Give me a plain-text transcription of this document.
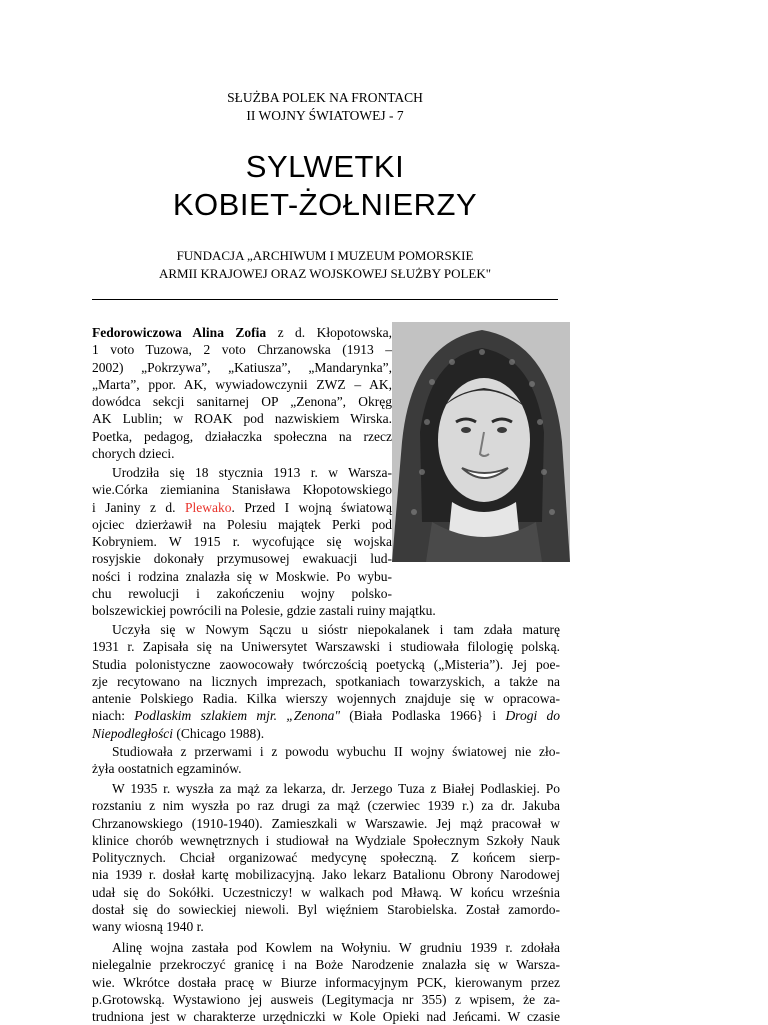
SŁUŻBA POLEK NA FRONTACH
II WOJNY ŚWIATOWEJ - 7
SYLWETKI
KOBIET-ŻOŁNIERZY
FUNDACJA „ARCHIWUM I MUZEUM POMORSKIE
ARMII KRAJOWEJ ORAZ WOJSKOWEJ SŁUŻBY POLEK"
Fedorowiczowa Alina Zofia z d. Kłopotowska,
1 voto Tuzowa, 2 voto Chrzanowska (1913 –
2002) „Pokrzywa”, „Katiusza”, „Mandarynka”,
„Marta”, ppor. AK, wywiadowczynii ZWZ – AK,
dowódca sekcji sanitarnej OP „Zenona”, Okręg
AK Lublin; w ROAK pod nazwiskiem Wirska.
Poetka, pedagog, działaczka społeczna na rzecz
chorych dzieci.
Urodziła się 18 stycznia 1913 r. w Warsza-
wie.Córka ziemianina Stanisława Kłopotowskiego
i Janiny z d. Plewako. Przed I wojną światową
ojciec dzierżawił na Polesiu majątek Perki pod
Kobryniem. W 1915 r. wycofujące się wojska
rosyjskie dokonały przymusowej ewakuacji lud-
ności i rodzina znalazła się w Moskwie. Po wybu-
chu rewolucji i zakończeniu wojny polsko-
bolszewickiej powrócili na Polesie, gdzie zastali ruiny majątku.
Uczyła się w Nowym Sączu u sióstr niepokalanek i tam zdała maturę
1931 r. Zapisała się na Uniwersytet Warszawski i studiowała filologię polską.
Studia polonistyczne zaowocowały twórczością poetycką („Misteria”). Jej poe-
zje recytowano na licznych imprezach, spotkaniach towarzyskich, a także na
antenie Polskiego Radia. Kilka wierszy wojennych znajduje się w opracowa-
niach: Podlaskim szlakiem mjr. „Zenona" (Biała Podlaska 1966} i Drogi do
Niepodległości (Chicago 1988).
Studiowała z przerwami i z powodu wybuchu II wojny światowej nie zło-
żyła oostatnich egzaminów.
W 1935 r. wyszła za mąż za lekarza, dr. Jerzego Tuza z Białej Podlaskiej. Po
rozstaniu z nim wyszła po raz drugi za mąż (czerwiec 1939 r.) za dr. Jakuba
Chrzanowskiego (1910-1940). Zamieszkali w Warszawie. Jej mąż pracował w
klinice chorób wewnętrznych i studiował na Wydziale Społecznym Szkoły Nauk
Politycznych. Chciał organizować medycynę społeczną. Z końcem sierp-
nia 1939 r. dosłał kartę mobilizacyjną. Jako lekarz Batalionu Obrony Narodowej
udał się do Sokółki. Uczestniczy! w walkach pod Mławą. W końcu września
dostał się do sowieckiej niewoli. Byl więźniem Starobielska. Został zamordo-
wany wiosną 1940 r.
Alinę wojna zastała pod Kowlem na Wołyniu. W grudniu 1939 r. zdołała
nielegalnie przekroczyć granicę i na Boże Narodzenie znalazła się w Warsza-
wie. Wkrótce dostała pracę w Biurze informacyjnym PCK, kierowanym przez
p.Grotowską. Wystawiono jej ausweis (Legitymacja nr 355) z wpisem, że za-
trudniona jest w charakterze urzędniczki w Kole Opieki nad Jeńcami. W czasie
